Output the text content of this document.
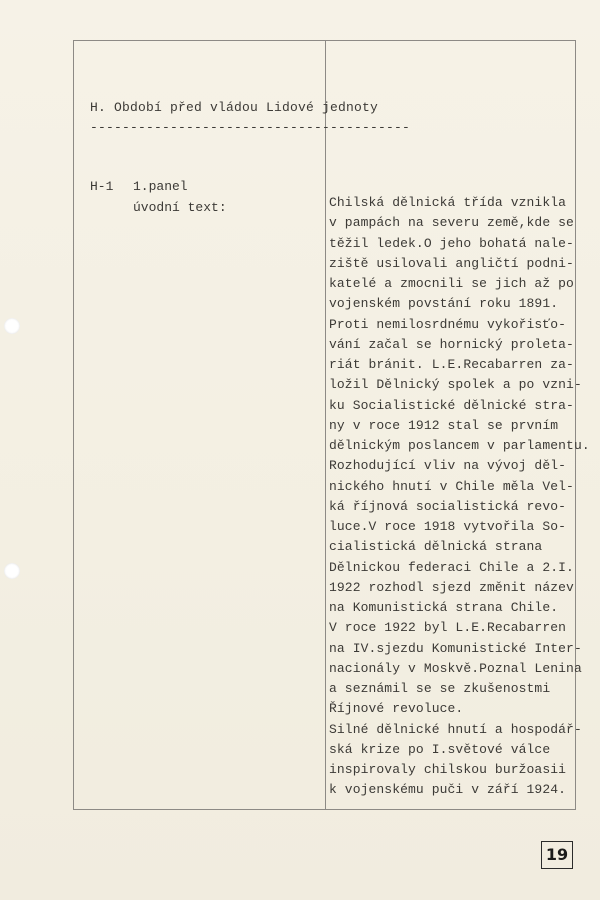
H. Období před vládou Lidové jednoty
----------------------------------------
H-1 1.panel
úvodní text:	Chilská dělnická třída vznikla
v pampách na severu země,kde se
těžil ledek.O jeho bohatá nale-
ziště usilovali angličtí podni-
katelé a zmocnili se jich až po
vojenském povstání roku 1891.
Proti nemilosrdnému vykořisťo-
vání začal se hornický proleta-
riát bránit. L.E.Recabarren za-
ložil Dělnický spolek a po vzni-
ku Socialistické dělnické stra-
ny v roce 1912 stal se prvním
dělnickým poslancem v parlamentu.
Rozhodující vliv na vývoj děl-
nického hnutí v Chile měla Vel-
ká říjnová socialistická revo-
luce.V roce 1918 vytvořila So-
cialistická dělnická strana
Dělnickou federaci Chile a 2.I.
1922 rozhodl sjezd změnit název
na Komunistická strana Chile.
V roce 1922 byl L.E.Recabarren
na IV.sjezdu Komunistické Inter-
nacionály v Moskvě.Poznal Lenina
a seznámil se se zkušenostmi
Říjnové revoluce.
Silné dělnické hnutí a hospodář-
ská krize po I.světové válce
inspirovaly chilskou buržoasii
k vojenskému puči v září 1924.
19
